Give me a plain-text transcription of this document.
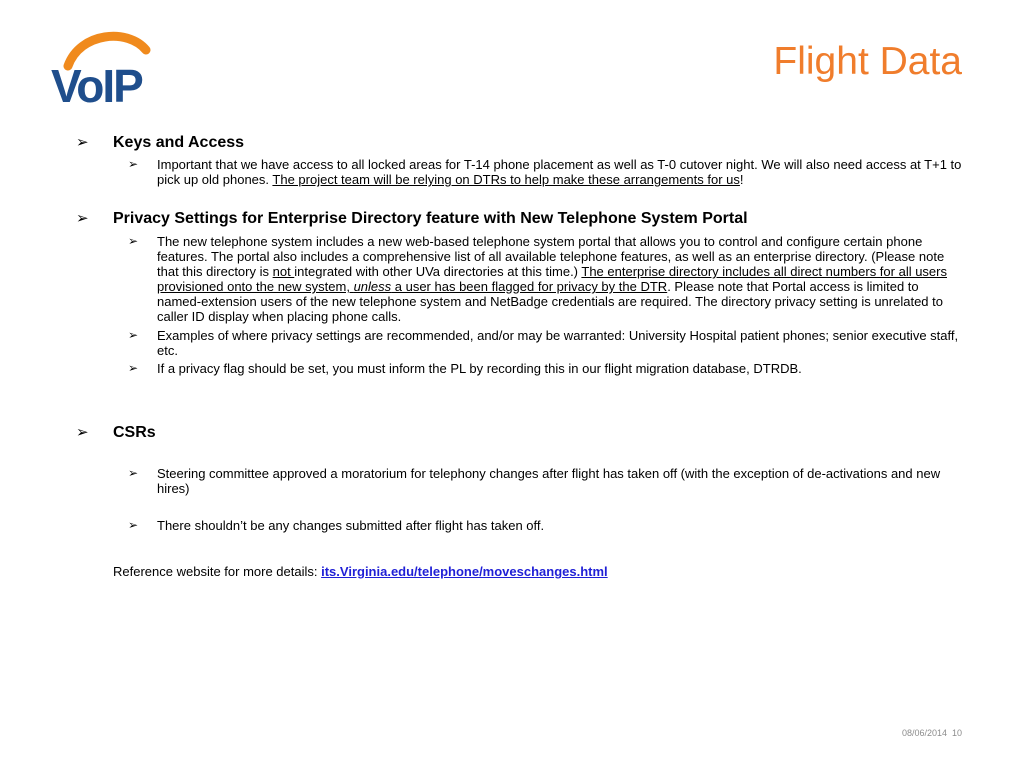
VoIP	Flight Data
➢ Keys and Access
➢ Important that we have access to all locked areas for T-14 phone placement as well as T-0 cutover night. We will also need access at T+1 to pick up old phones. The project team will be relying on DTRs to help make these arrangements for us!
➢ Privacy Settings for Enterprise Directory feature with New Telephone System Portal
➢ The new telephone system includes a new web-based telephone system portal that allows you to control and configure certain phone features. The portal also includes a comprehensive list of all available telephone features, as well as an enterprise directory. (Please note that this directory is not integrated with other UVa directories at this time.) The enterprise directory includes all direct numbers for all users provisioned onto the new system, unless a user has been flagged for privacy by the DTR. Please note that Portal access is limited to named-extension users of the new telephone system and NetBadge credentials are required. The directory privacy setting is unrelated to caller ID display when placing phone calls.
➢ Examples of where privacy settings are recommended, and/or may be warranted: University Hospital patient phones; senior executive staff, etc.
➢ If a privacy flag should be set, you must inform the PL by recording this in our flight migration database, DTRDB.
➢ CSRs
➢ Steering committee approved a moratorium for telephony changes after flight has taken off (with the exception of de-activations and new hires)
➢ There shouldn’t be any changes submitted after flight has taken off.
Reference website for more details: its.Virginia.edu/telephone/moveschanges.html
08/06/2014 10
